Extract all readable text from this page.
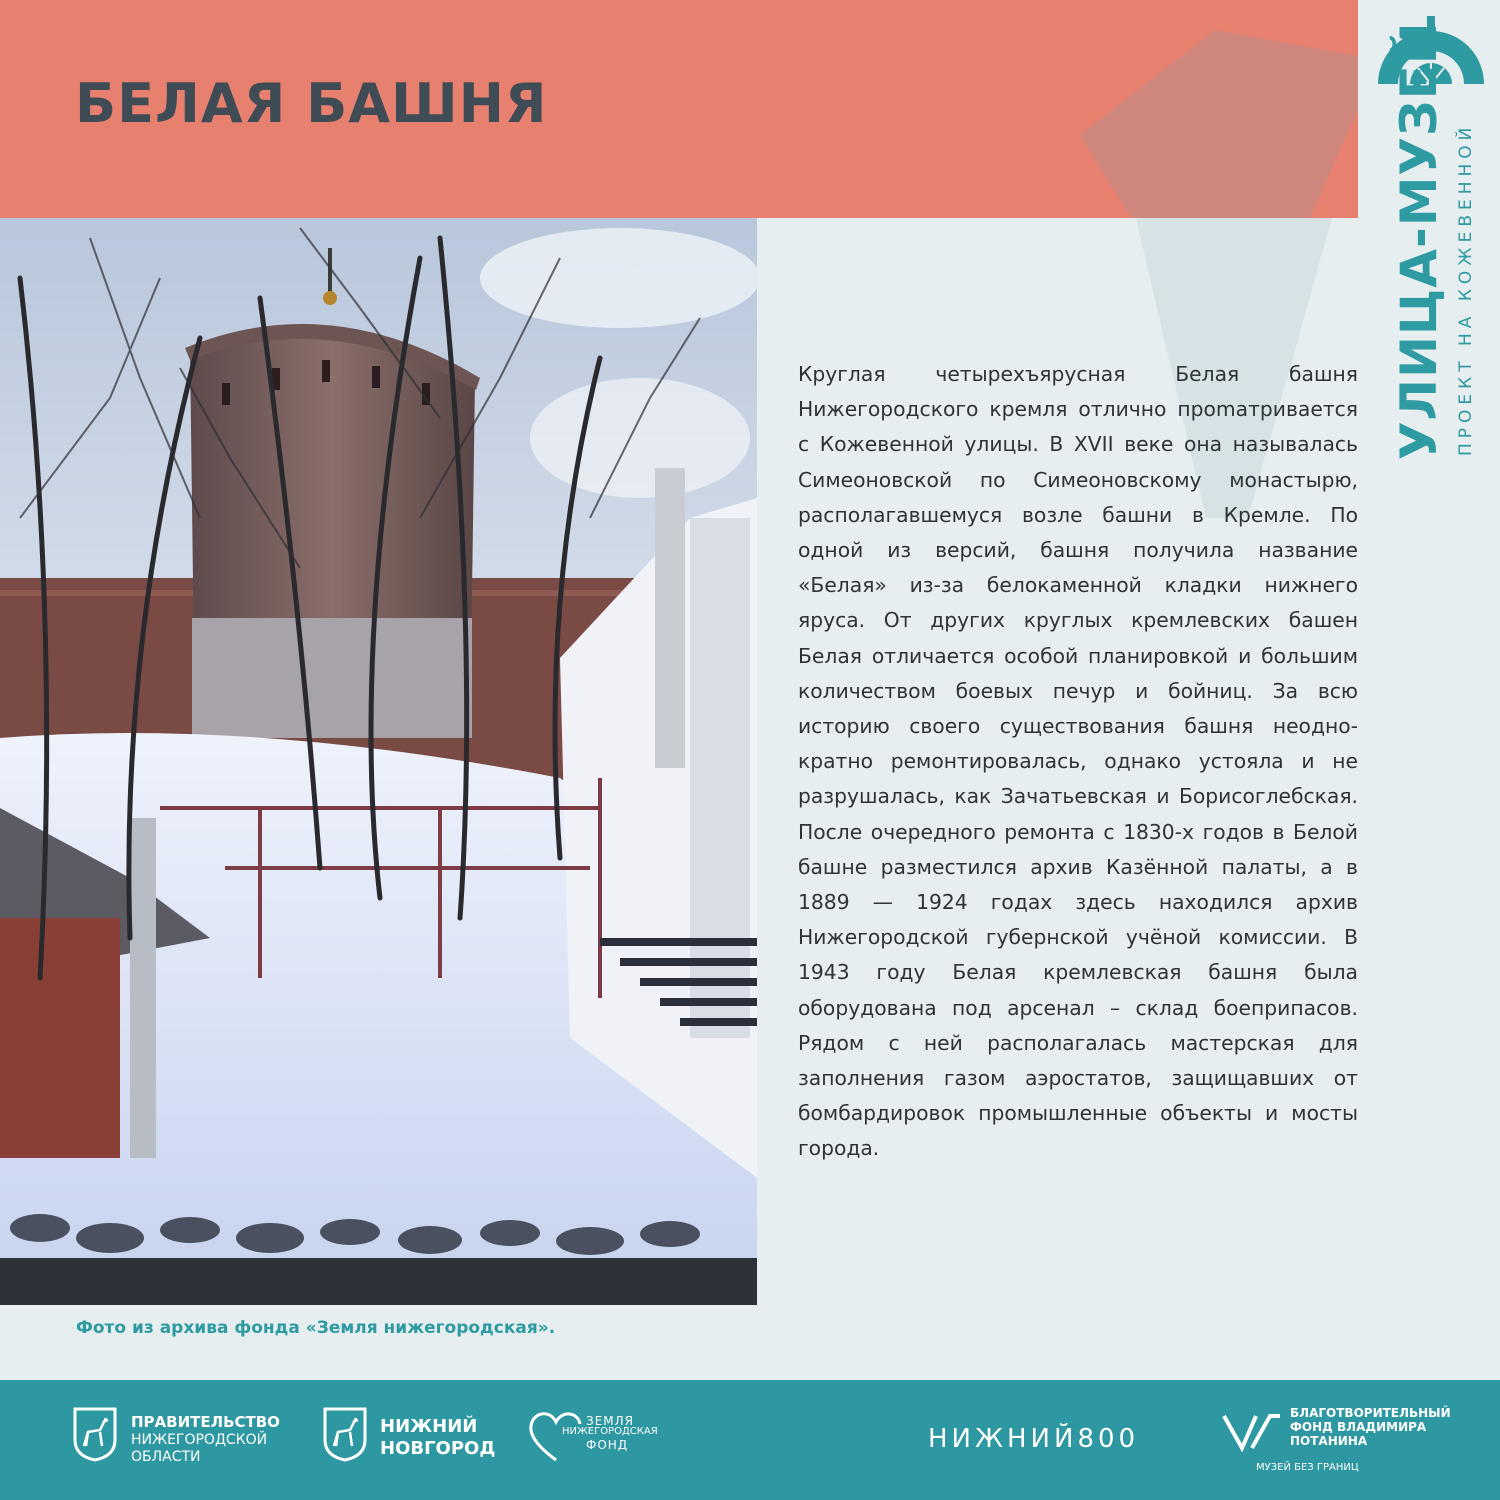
БЕЛАЯ БАШНЯ	УЛИЦА-МУЗЕЙ ПРОЕКТ НА КОЖЕВЕННОЙ

Фото из архива фонда «Земля нижегородская».

Круглая четырехъярусная Белая башня Нижегородского кремля отлично проmатривается с Кожевенной улицы. В XVII веке она называлась Симеоновской по Симеоновскому монастырю, располагавшемуся возле башни в Кремле. По одной из версий, башня получила название «Белая» из-за белокаменной кладки нижнего яруса. От других круглых кремлевских башен Белая отличается особой планировкой и большим количеством боевых печур и бойниц. За всю историю своего существования башня неоднократно ремонтировалась, однако устояла и не разрушалась, как Зачатьевская и Борисоглебская. После очередного ремонта с 1830-х годов в Белой башне разместился архив Казённой палаты, а в 1889 — 1924 годах здесь находился архив Нижегородской губернской учёной комиссии. В 1943 году Белая кремлевская башня была оборудована под арсенал – склад боеприпасов. Рядом с ней располагалась мастерская для заполнения газом аэростатов, защищавших от бомбардировок промышленные объекты и мосты города.

ПРАВИТЕЛЬСТВО

НИЖЕГОРОДСКОЙ

ОБЛАСТИ

НИЖНИЙ

НОВГОРОД

ЗЕМЛЯ

НИЖЕГОРОДСКАЯ

ФОНД	НИЖНИЙ800

БЛАГОТВОРИТЕЛЬНЫЙ

ФОНД ВЛАДИМИРА

ПОТАНИНА

МУЗЕЙ БЕЗ ГРАНИЦ
